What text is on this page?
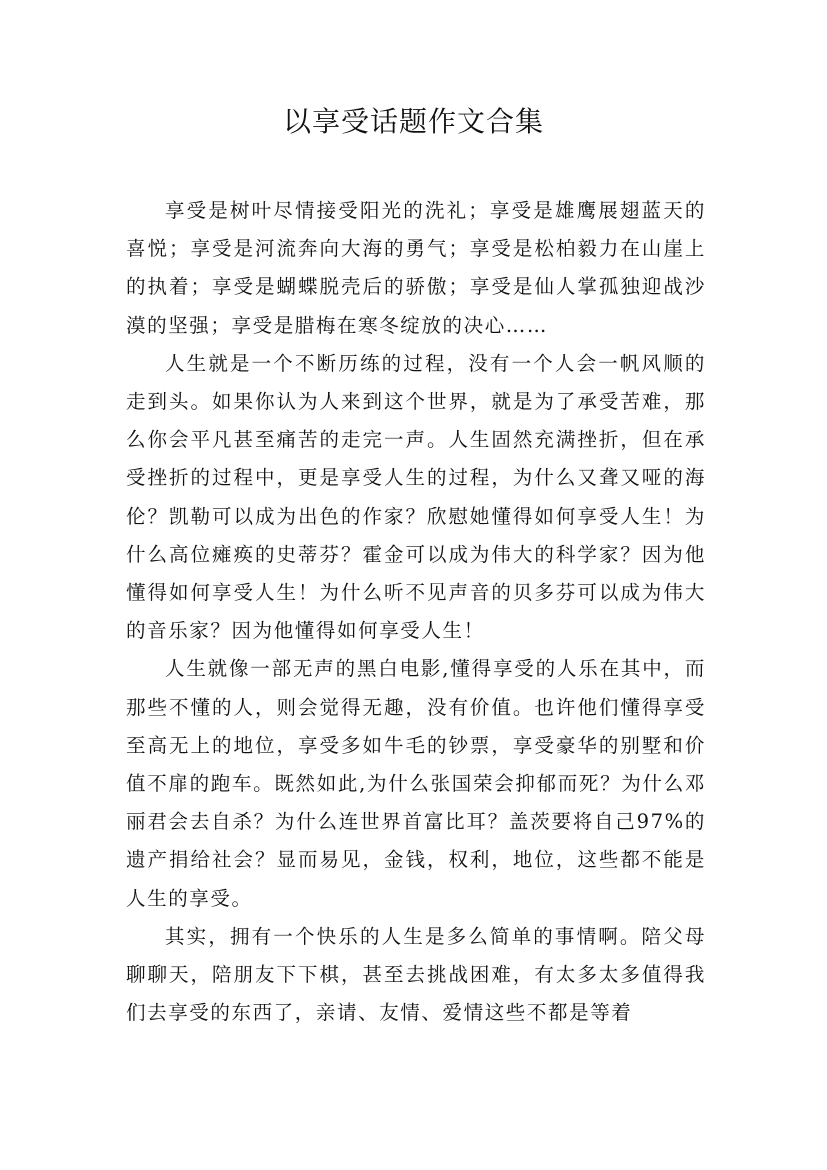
以享受话题作文合集

享受是树叶尽情接受阳光的洗礼；享受是雄鹰展翅蓝天的喜悦；享受是河流奔向大海的勇气；享受是松柏毅力在山崖上的执着；享受是蝴蝶脱壳后的骄傲；享受是仙人掌孤独迎战沙漠的坚强；享受是腊梅在寒冬绽放的决心……

人生就是一个不断历练的过程，没有一个人会一帆风顺的走到头。如果你认为人来到这个世界，就是为了承受苦难，那么你会平凡甚至痛苦的走完一声。人生固然充满挫折，但在承受挫折的过程中，更是享受人生的过程，为什么又聋又哑的海伦？凯勒可以成为出色的作家？欣慰她懂得如何享受人生！为什么高位瘫痪的史蒂芬？霍金可以成为伟大的科学家？因为他懂得如何享受人生！为什么听不见声音的贝多芬可以成为伟大的音乐家？因为他懂得如何享受人生！

人生就像一部无声的黑白电影,懂得享受的人乐在其中，而那些不懂的人，则会觉得无趣，没有价值。也许他们懂得享受至高无上的地位，享受多如牛毛的钞票，享受豪华的别墅和价值不扉的跑车。既然如此,为什么张国荣会抑郁而死？为什么邓丽君会去自杀？为什么连世界首富比耳？盖茨要将自己97%的遗产捐给社会？显而易见，金钱，权利，地位，这些都不能是人生的享受。

其实，拥有一个快乐的人生是多么简单的事情啊。陪父母聊聊天，陪朋友下下棋，甚至去挑战困难，有太多太多值得我们去享受的东西了，亲请、友情、爱情这些不都是等着
